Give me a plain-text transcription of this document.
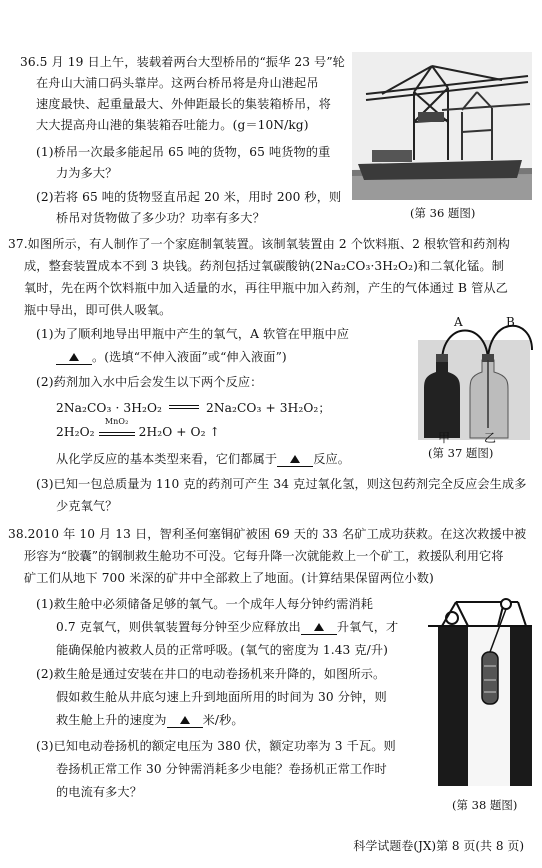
36.5 月 19 日上午，装载着两台大型桥吊的“振华 23 号”轮
在舟山大浦口码头靠岸。这两台桥吊将是舟山港起吊
速度最快、起重量最大、外伸距最长的集装箱桥吊，将
大大提高舟山港的集装箱吞吐能力。(g＝10N/kg)
(1)桥吊一次最多能起吊 65 吨的货物，65 吨货物的重
力为多大？
(2)若将 65 吨的货物竖直吊起 20 米，用时 200 秒，则
桥吊对货物做了多少功？功率有多大？	(第 36 题图)
37.如图所示，有人制作了一个家庭制氧装置。该制氧装置由 2 个饮料瓶、2 根软管和药剂构
成，整套装置成本不到 3 块钱。药剂包括过氧碳酸钠(2Na₂CO₃·3H₂O₂)和二氧化锰。制
氧时，先在两个饮料瓶中加入适量的水，再往甲瓶中加入药剂，产生的气体通过 B 管从乙
瓶中导出，即可供人吸氧。
(1)为了顺利地导出甲瓶中产生的氧气，A 软管在甲瓶中应
。(选填“不伸入液面”或“伸入液面”)
(2)药剂加入水中后会发生以下两个反应：
2Na₂CO₃ · 3H₂O₂	2Na₂CO₃ + 3H₂O₂；
2H₂O₂
MnO₂
2H₂O + O₂ ↑
从化学反应的基本类型来看，它们都属于	反应。
(3)已知一包总质量为 110 克的药剂可产生 34 克过氧化氢，则这包药剂完全反应会生成多
少克氧气？
A	B
甲	乙
(第 37 题图)
38.2010 年 10 月 13 日，智利圣何塞铜矿被困 69 天的 33 名矿工成功获救。在这次救援中被
形容为“胶囊”的钢制救生舱功不可没。它每升降一次就能救上一个矿工，救援队利用它将
矿工们从地下 700 米深的矿井中全部救上了地面。(计算结果保留两位小数)
(1)救生舱中必须储备足够的氧气。一个成年人每分钟约需消耗
0.7 克氧气，则供氧装置每分钟至少应释放出	升氧气，才
能确保舱内被救人员的正常呼吸。(氧气的密度为 1.43 克/升)
(2)救生舱是通过安装在井口的电动卷扬机来升降的，如图所示。
假如救生舱从井底匀速上升到地面所用的时间为 30 分钟，则
救生舱上升的速度为	米/秒。
(3)已知电动卷扬机的额定电压为 380 伏，额定功率为 3 千瓦。则
卷扬机正常工作 30 分钟需消耗多少电能？卷扬机正常工作时
的电流有多大？
(第 38 题图)
科学试题卷(JX)第 8 页(共 8 页)
